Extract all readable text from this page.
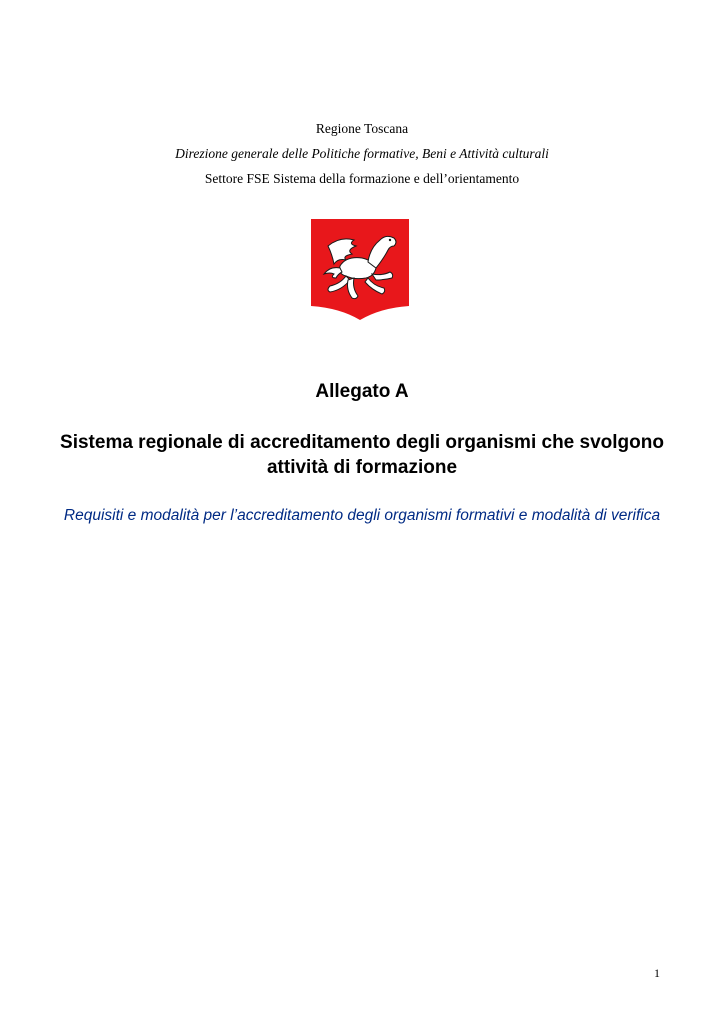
Regione Toscana

Direzione generale delle Politiche formative, Beni e Attività culturali

Settore FSE Sistema della formazione e dell’orientamento

Allegato A
Sistema regionale di accreditamento degli organismi che svolgono attività di formazione

Requisiti e modalità per l’accreditamento degli organismi formativi e modalità di verifica

1
